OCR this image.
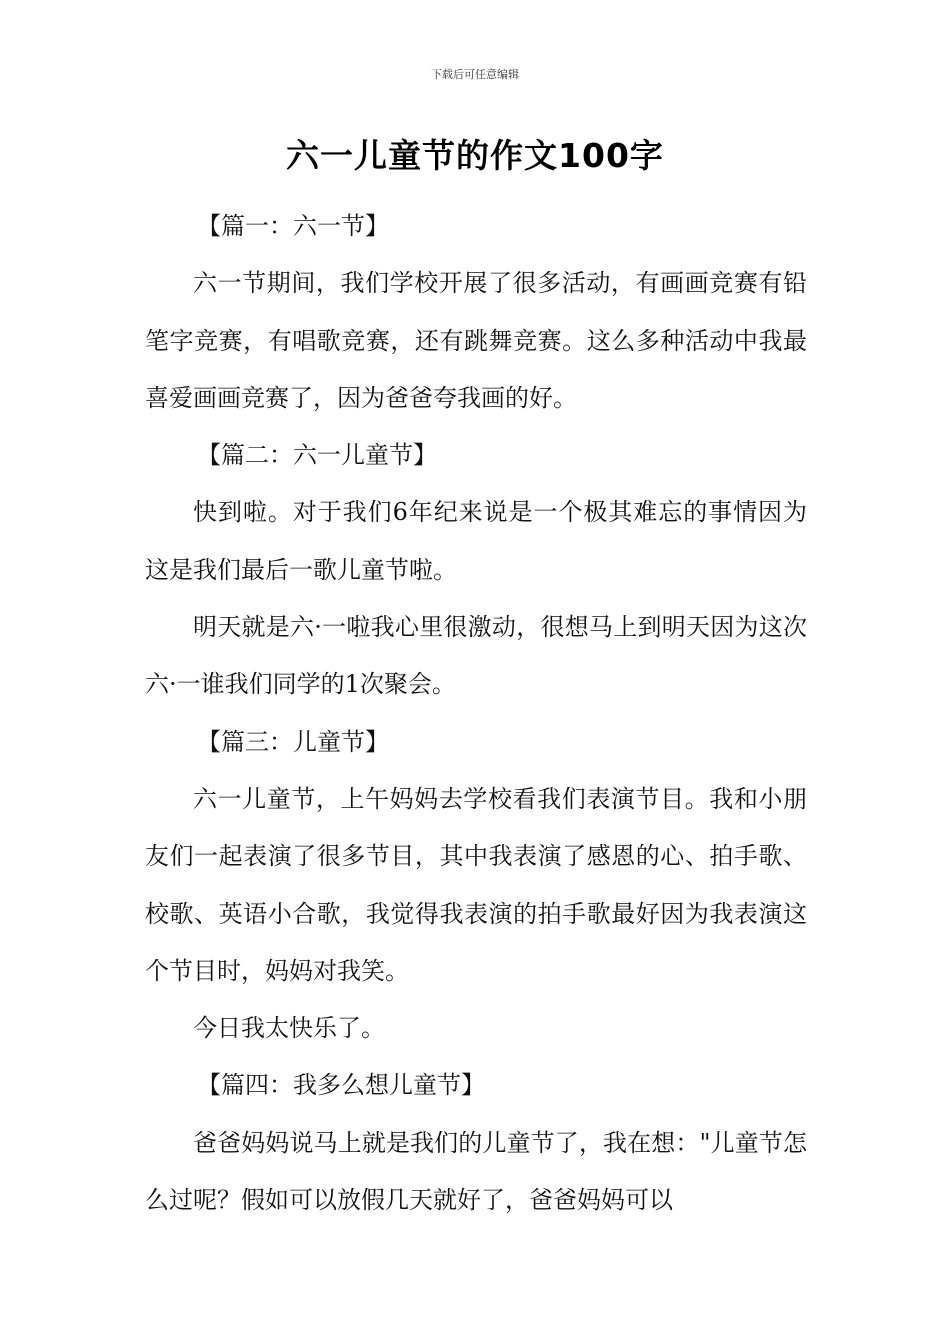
下载后可任意编辑
六一儿童节的作文100字

【篇一：六一节】

六一节期间，我们学校开展了很多活动，有画画竞赛有铅笔字竞赛，有唱歌竞赛，还有跳舞竞赛。这么多种活动中我最喜爱画画竞赛了，因为爸爸夸我画的好。

【篇二：六一儿童节】

快到啦。对于我们6年纪来说是一个极其难忘的事情因为这是我们最后一歌儿童节啦。

明天就是六·一啦我心里很激动，很想马上到明天因为这次六·一谁我们同学的1次聚会。

【篇三：儿童节】

六一儿童节，上午妈妈去学校看我们表演节目。我和小朋友们一起表演了很多节目，其中我表演了感恩的心、拍手歌、校歌、英语小合歌，我觉得我表演的拍手歌最好因为我表演这个节目时，妈妈对我笑。

今日我太快乐了。

【篇四：我多么想儿童节】

爸爸妈妈说马上就是我们的儿童节了，我在想："儿童节怎么过呢？假如可以放假几天就好了，爸爸妈妈可以
